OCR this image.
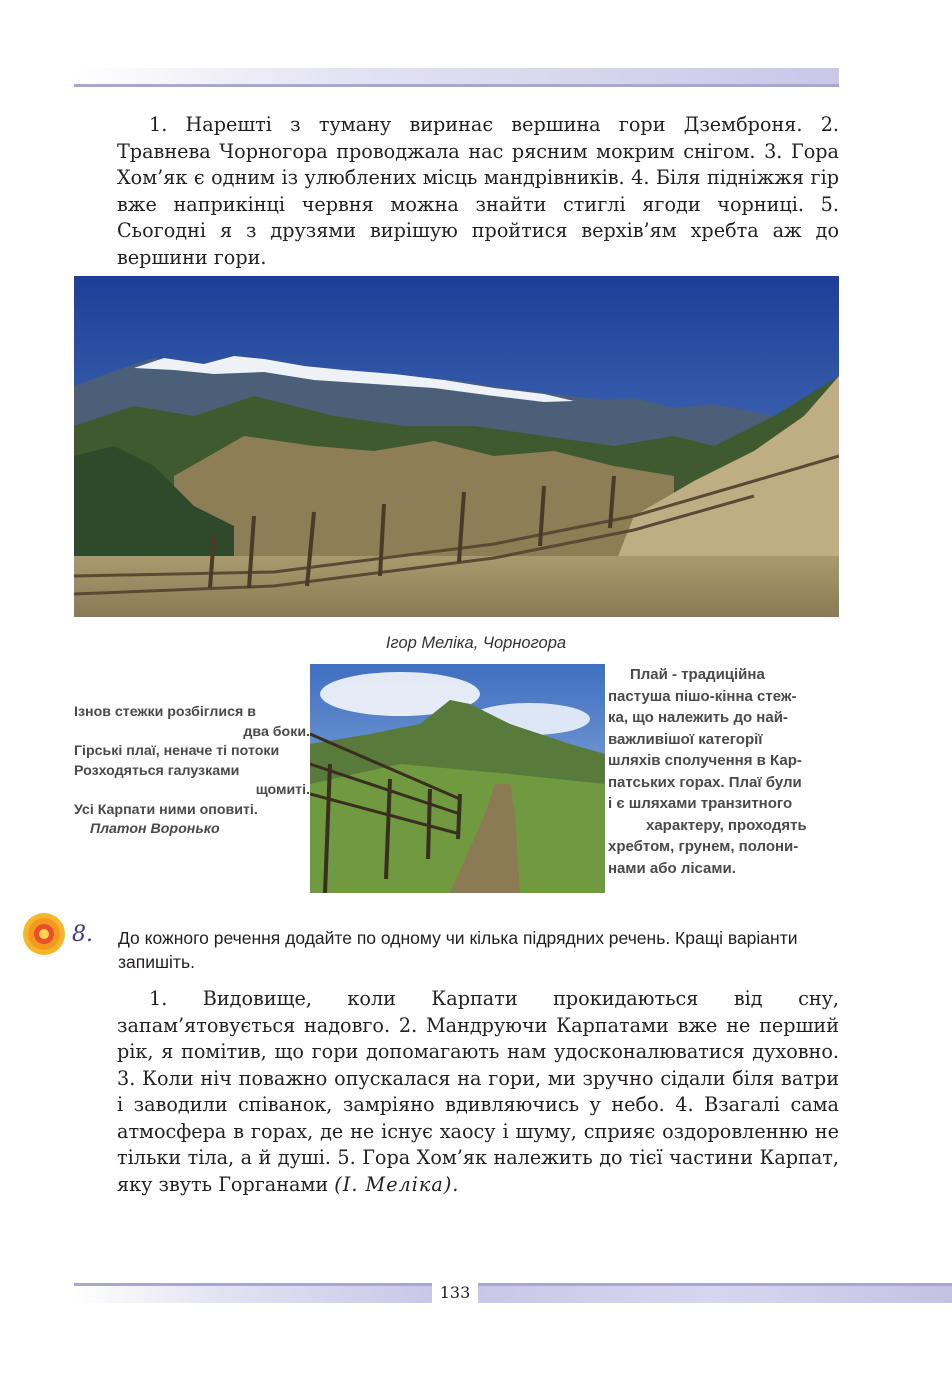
1. Нарешті з туману виринає вершина гори Дземброня. 2. Травнева Чорногора проводжала нас рясним мокрим снігом. 3. Гора Хом’як є одним із улюблених місць мандрівників. 4. Біля підніжжя гір вже наприкінці червня можна знайти стиглі ягоди чорниці. 5. Сьогодні я з друзями вирішую пройтися верхів’ям хребта аж до вершини гори.

Ігор Меліка, Чорногора
Ізнов стежки розбіглися в
два боки.
Гірські плаї, неначе ті потоки
Розходяться галузками
щомиті.
Усі Карпати ними оповиті.
Платон Воронько
Плай - традиційна
пастуша пішо-кінна стеж-
ка, що належить до най-
важливішої категорії
шляхів сполучення в Кар-
патських горах. Плаї були
і є шляхами транзитного
характеру, проходять
хребтом, грунем, полони-
нами або лісами.
8. До кожного речення додайте по одному чи кілька підрядних речень. Кращі варіанти запишіть.

1. Видовище, коли Карпати прокидаються від сну, запам’ятовується надовго. 2. Мандруючи Карпатами вже не перший рік, я помітив, що гори допомагають нам удосконалюватися духовно. 3. Коли ніч поважно опускалася на гори, ми зручно сідали біля ватри і заводили співанок, замріяно вдивляючись у небо. 4. Взагалі сама атмосфера в горах, де не існує хаосу і шуму, сприяє оздоровленню не тільки тіла, а й душі. 5. Гора Хом’як належить до тієї частини Карпат, яку звуть Горганами (І. Меліка).

133
